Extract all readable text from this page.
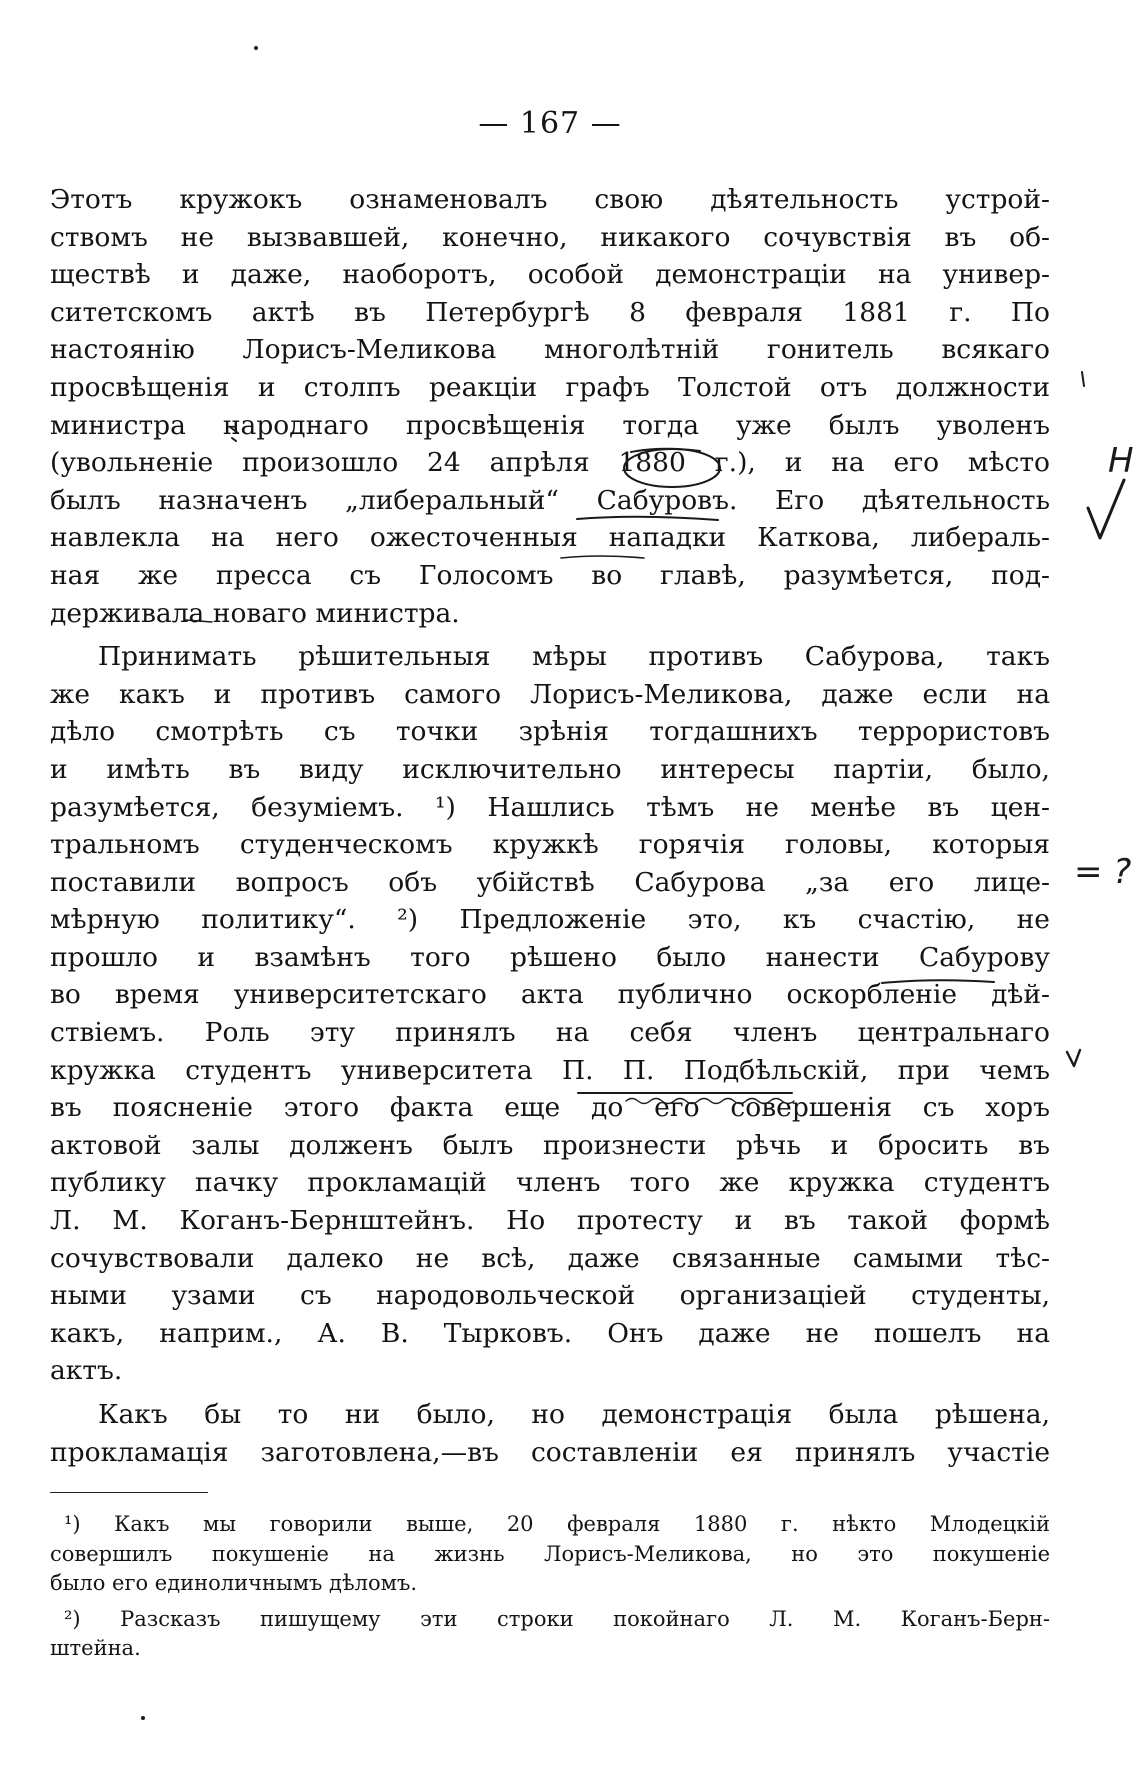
— 167 —
Этотъ кружокъ ознаменовалъ свою дѣятельность устрой-
ствомъ не вызвавшей, конечно, никакого сочувствія въ об-
ществѣ и даже, наоборотъ, особой демонстраціи на универ-
ситетскомъ актѣ въ Петербургѣ 8 февраля 1881 г. По
настоянію Лорисъ-Меликова многолѣтній гонитель всякаго
просвѣщенія и столпъ реакціи графъ Толстой отъ должности
министра народнаго просвѣщенія тогда уже былъ уволенъ
(увольненіе произошло 24 апрѣля 1880 г.), и на его мѣсто
былъ назначенъ „либеральный“ Сабуровъ. Его дѣятельность
навлекла на него ожесточенныя нападки Каткова, либераль-
ная же пресса съ Голосомъ во главѣ, разумѣется, под-
держивала новаго министра.
Принимать рѣшительныя мѣры противъ Сабурова, такъ
же какъ и противъ самого Лорисъ-Меликова, даже если на
дѣло смотрѣть съ точки зрѣнія тогдашнихъ террористовъ
и имѣть въ виду исключительно интересы партіи, было,
разумѣется, безуміемъ. ¹) Нашлись тѣмъ не менѣе въ цен-
тральномъ студенческомъ кружкѣ горячія головы, которыя
поставили вопросъ объ убійствѣ Сабурова „за его лице-
мѣрную политику“. ²) Предложеніе это, къ счастію, не
прошло и взамѣнъ того рѣшено было нанести Сабурову
во время университетскаго акта публично оскорбленіе дѣй-
ствіемъ. Роль эту принялъ на себя членъ центральнаго
кружка студентъ университета П. П. Подбѣльскій, при чемъ
въ поясненіе этого факта еще до его совершенія съ хоръ
актовой залы долженъ былъ произнести рѣчь и бросить въ
публику пачку прокламацій членъ того же кружка студентъ
Л. М. Коганъ-Бернштейнъ. Но протесту и въ такой формѣ
сочувствовали далеко не всѣ, даже связанные самыми тѣс-
ными узами съ народовольческой организаціей студенты,
какъ, наприм., А. В. Тырковъ. Онъ даже не пошелъ на
актъ.
Какъ бы то ни было, но демонстрація была рѣшена,
прокламація заготовлена,—въ составленіи ея принялъ участіе
¹) Какъ мы говорили выше, 20 февраля 1880 г. нѣкто Млодецкій
совершилъ покушеніе на жизнь Лорисъ-Меликова, но это покушеніе
было его единоличнымъ дѣломъ.
²) Разсказъ пишущему эти строки покойнаго Л. М. Коганъ-Берн-
штейна.
Н
= ?
